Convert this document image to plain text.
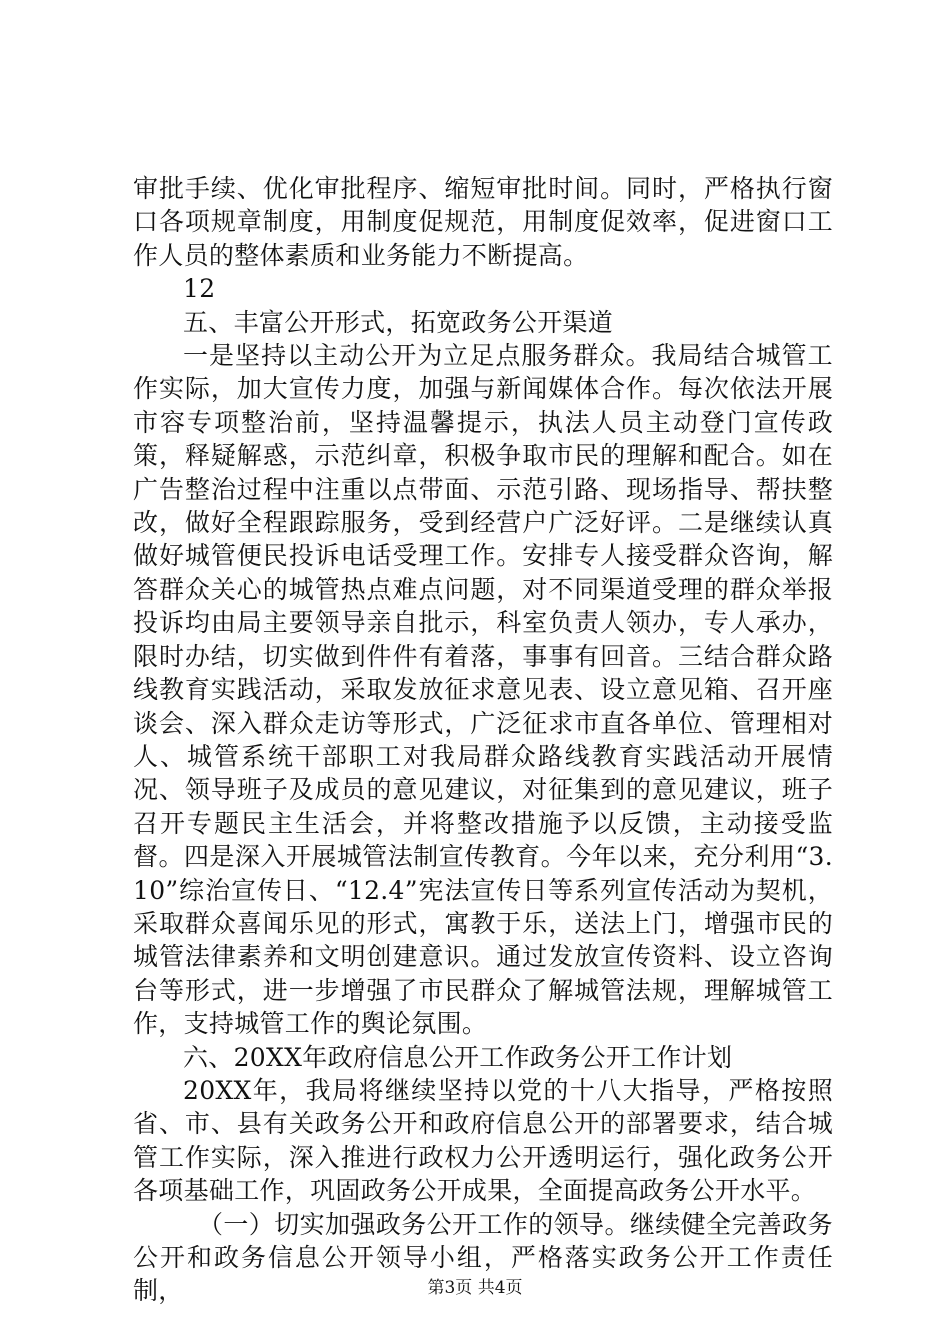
审批手续、优化审批程序、缩短审批时间。同时，严格执行窗口各项规章制度，用制度促规范，用制度促效率，促进窗口工作人员的整体素质和业务能力不断提高。

12

五、丰富公开形式，拓宽政务公开渠道

一是坚持以主动公开为立足点服务群众。我局结合城管工作实际，加大宣传力度，加强与新闻媒体合作。每次依法开展市容专项整治前，坚持温馨提示，执法人员主动登门宣传政策，释疑解惑，示范纠章，积极争取市民的理解和配合。如在广告整治过程中注重以点带面、示范引路、现场指导、帮扶整改，做好全程跟踪服务，受到经营户广泛好评。二是继续认真做好城管便民投诉电话受理工作。安排专人接受群众咨询，解答群众关心的城管热点难点问题，对不同渠道受理的群众举报投诉均由局主要领导亲自批示，科室负责人领办，专人承办，限时办结，切实做到件件有着落，事事有回音。三结合群众路线教育实践活动，采取发放征求意见表、设立意见箱、召开座谈会、深入群众走访等形式，广泛征求市直各单位、管理相对人、城管系统干部职工对我局群众路线教育实践活动开展情况、领导班子及成员的意见建议，对征集到的意见建议，班子召开专题民主生活会，并将整改措施予以反馈，主动接受监督。四是深入开展城管法制宣传教育。今年以来，充分利用“3.10”综治宣传日、“12.4”宪法宣传日等系列宣传活动为契机，采取群众喜闻乐见的形式，寓教于乐，送法上门，增强市民的城管法律素养和文明创建意识。通过发放宣传资料、设立咨询台等形式，进一步增强了市民群众了解城管法规，理解城管工作，支持城管工作的舆论氛围。

六、20XX年政府信息公开工作政务公开工作计划

20XX年，我局将继续坚持以党的十八大指导，严格按照省、市、县有关政务公开和政府信息公开的部署要求，结合城管工作实际，深入推进行政权力公开透明运行，强化政务公开各项基础工作，巩固政务公开成果，全面提高政务公开水平。

（一）切实加强政务公开工作的领导。继续健全完善政务公开和政务信息公开领导小组，严格落实政务公开工作责任制，	第3页 共4页
